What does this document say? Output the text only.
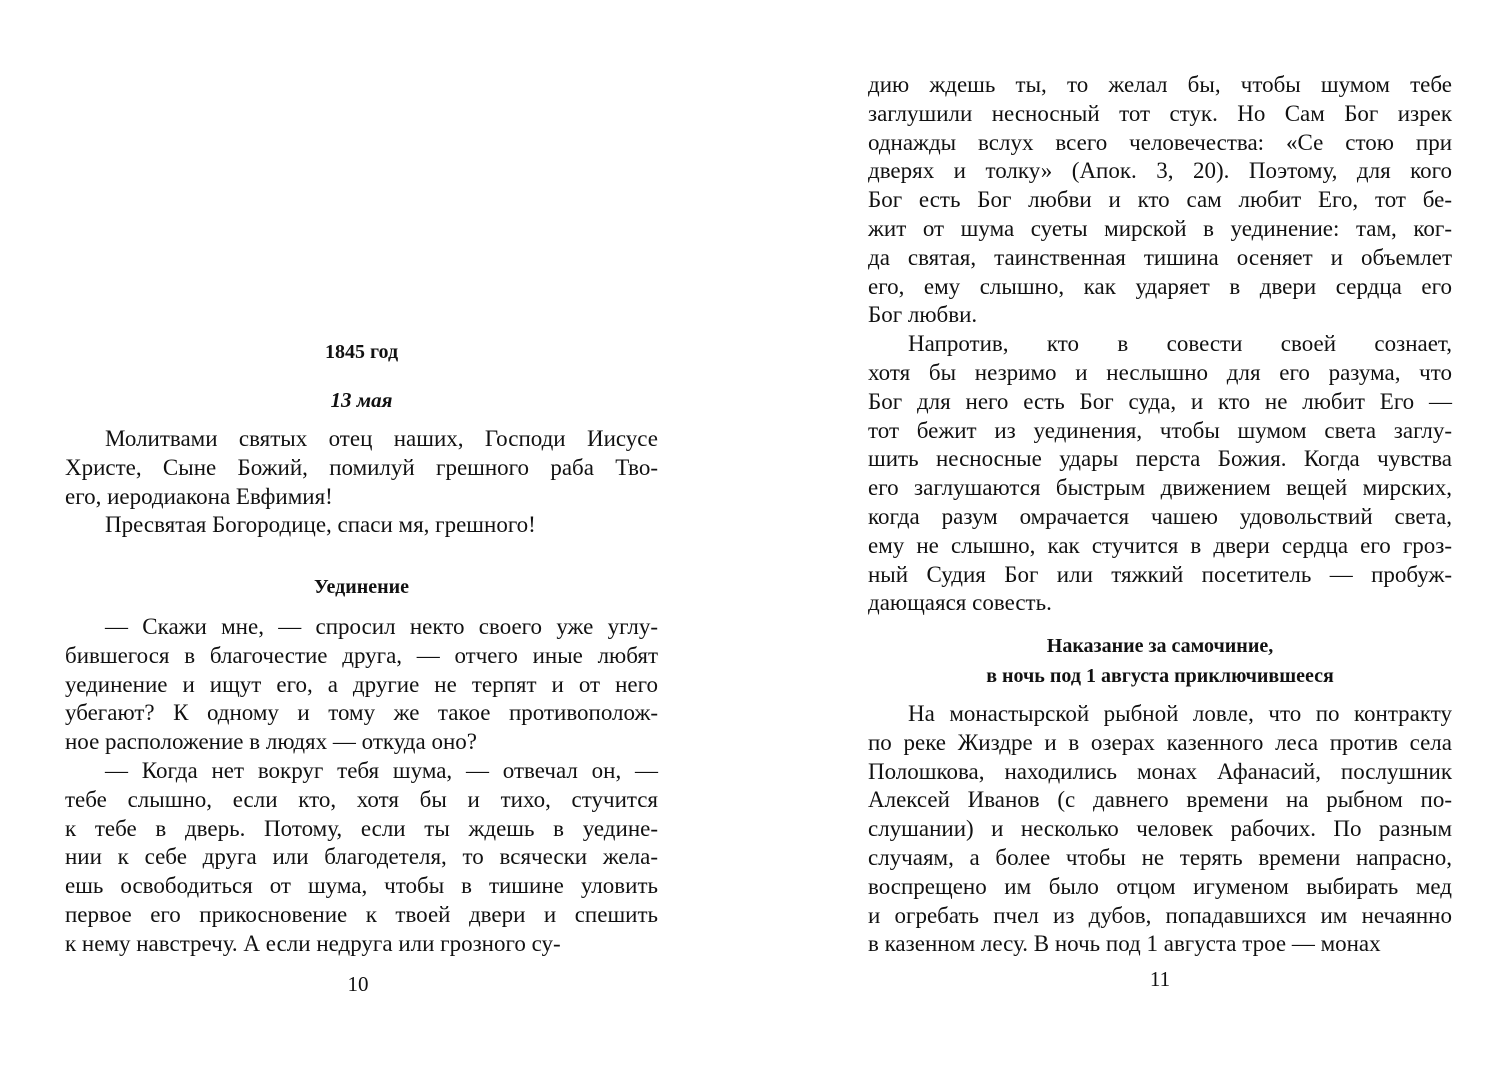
1845 год
13 мая
Молитвами святых отец наших, Господи Иисусе
Христе, Сыне Божий, помилуй грешного раба Тво-
его, иеродиакона Евфимия!
Пресвятая Богородице, спаси мя, грешного!
Уединение
— Скажи мне, — спросил некто своего уже углу-
бившегося в благочестие друга, — отчего иные любят
уединение и ищут его, а другие не терпят и от него
убегают? К одному и тому же такое противополож-
ное расположение в людях — откуда оно?
— Когда нет вокруг тебя шума, — отвечал он, —
тебе слышно, если кто, хотя бы и тихо, стучится
к тебе в дверь. Потому, если ты ждешь в уедине-
нии к себе друга или благодетеля, то всячески жела-
ешь освободиться от шума, чтобы в тишине уловить
первое его прикосновение к твоей двери и спешить
к нему навстречу. А если недруга или грозного су-
10
дию ждешь ты, то желал бы, чтобы шумом тебе
заглушили несносный тот стук. Но Сам Бог изрек
однажды вслух всего человечества: «Се стою при
дверях и толку» (Апок. 3, 20). Поэтому, для кого
Бог есть Бог любви и кто сам любит Его, тот бе-
жит от шума суеты мирской в уединение: там, ког-
да святая, таинственная тишина осеняет и объемлет
его, ему слышно, как ударяет в двери сердца его
Бог любви.
Напротив, кто в совести своей сознает,
хотя бы незримо и неслышно для его разума, что
Бог для него есть Бог суда, и кто не любит Его —
тот бежит из уединения, чтобы шумом света заглу-
шить несносные удары перста Божия. Когда чувства
его заглушаются быстрым движением вещей мирских,
когда разум омрачается чашею удовольствий света,
ему не слышно, как стучится в двери сердца его гроз-
ный Судия Бог или тяжкий посетитель — пробуж-
дающаяся совесть.
Наказание за самочиние,
в ночь под 1 августа приключившееся
На монастырской рыбной ловле, что по контракту
по реке Жиздре и в озерах казенного леса против села
Полошкова, находились монах Афанасий, послушник
Алексей Иванов (с давнего времени на рыбном по-
слушании) и несколько человек рабочих. По разным
случаям, а более чтобы не терять времени напрасно,
воспрещено им было отцом игуменом выбирать мед
и огребать пчел из дубов, попадавшихся им нечаянно
в казенном лесу. В ночь под 1 августа трое — монах
11
